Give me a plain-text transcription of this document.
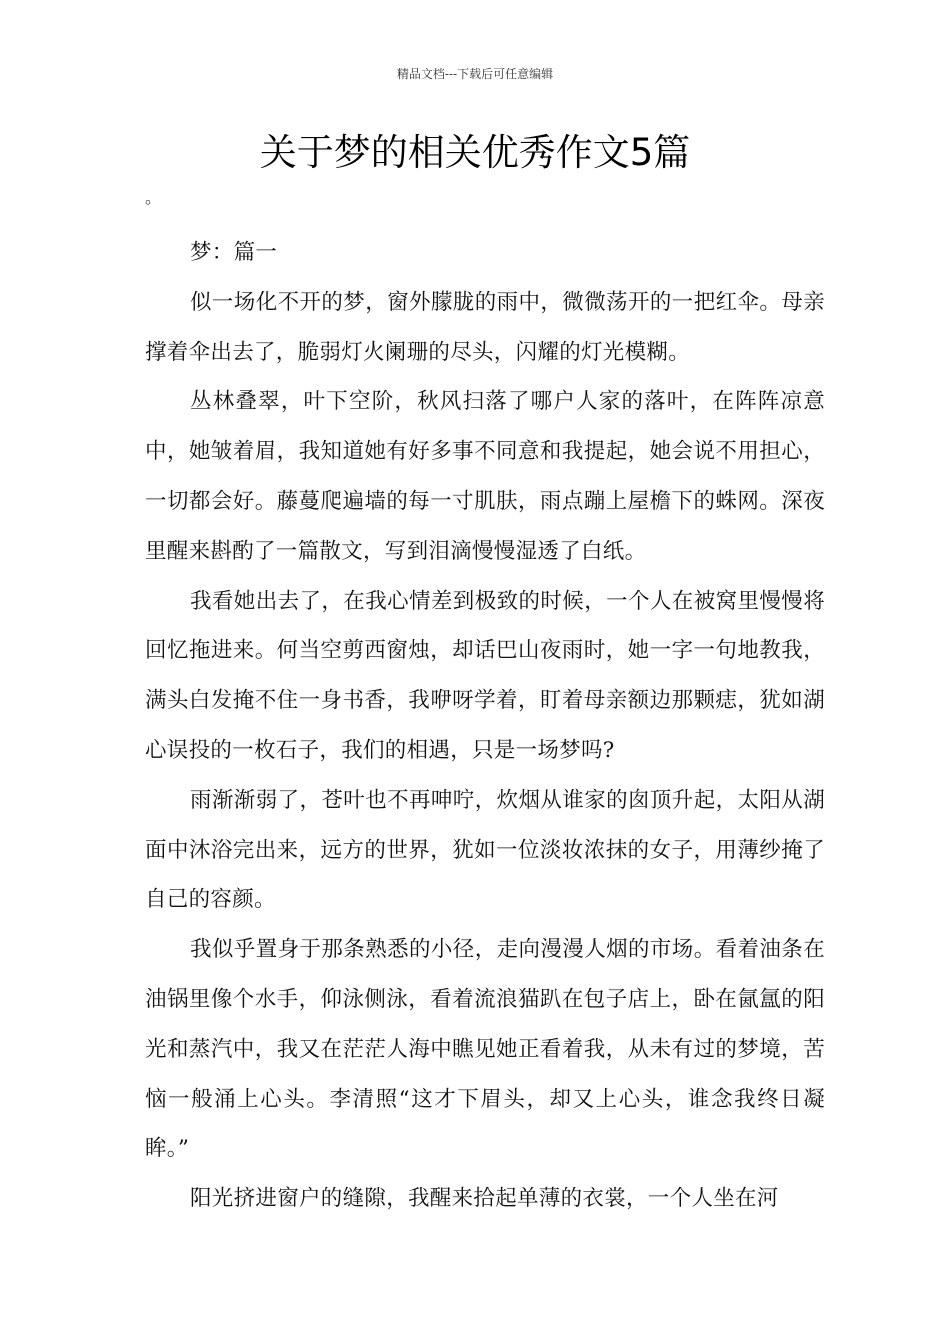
精品文档---下载后可任意编辑
关于梦的相关优秀作文5篇
。

梦：篇一

似一场化不开的梦，窗外朦胧的雨中，微微荡开的一把红伞。母亲撑着伞出去了，脆弱灯火阑珊的尽头，闪耀的灯光模糊。

丛林叠翠，叶下空阶，秋风扫落了哪户人家的落叶，在阵阵凉意中，她皱着眉，我知道她有好多事不同意和我提起，她会说不用担心，一切都会好。藤蔓爬遍墙的每一寸肌肤，雨点蹦上屋檐下的蛛网。深夜里醒来斟酌了一篇散文，写到泪滴慢慢湿透了白纸。

我看她出去了，在我心情差到极致的时候，一个人在被窝里慢慢将回忆拖进来。何当空剪西窗烛，却话巴山夜雨时，她一字一句地教我，满头白发掩不住一身书香，我咿呀学着，盯着母亲额边那颗痣，犹如湖心误投的一枚石子，我们的相遇，只是一场梦吗?

雨渐渐弱了，苍叶也不再呻咛，炊烟从谁家的囱顶升起，太阳从湖面中沐浴完出来，远方的世界，犹如一位淡妆浓抹的女子，用薄纱掩了自己的容颜。

我似乎置身于那条熟悉的小径，走向漫漫人烟的市场。看着油条在油锅里像个水手，仰泳侧泳，看着流浪猫趴在包子店上，卧在氤氲的阳光和蒸汽中，我又在茫茫人海中瞧见她正看着我，从未有过的梦境，苦恼一般涌上心头。李清照“这才下眉头，却又上心头，谁念我终日凝眸。”

阳光挤进窗户的缝隙，我醒来拾起单薄的衣裳，一个人坐在河
